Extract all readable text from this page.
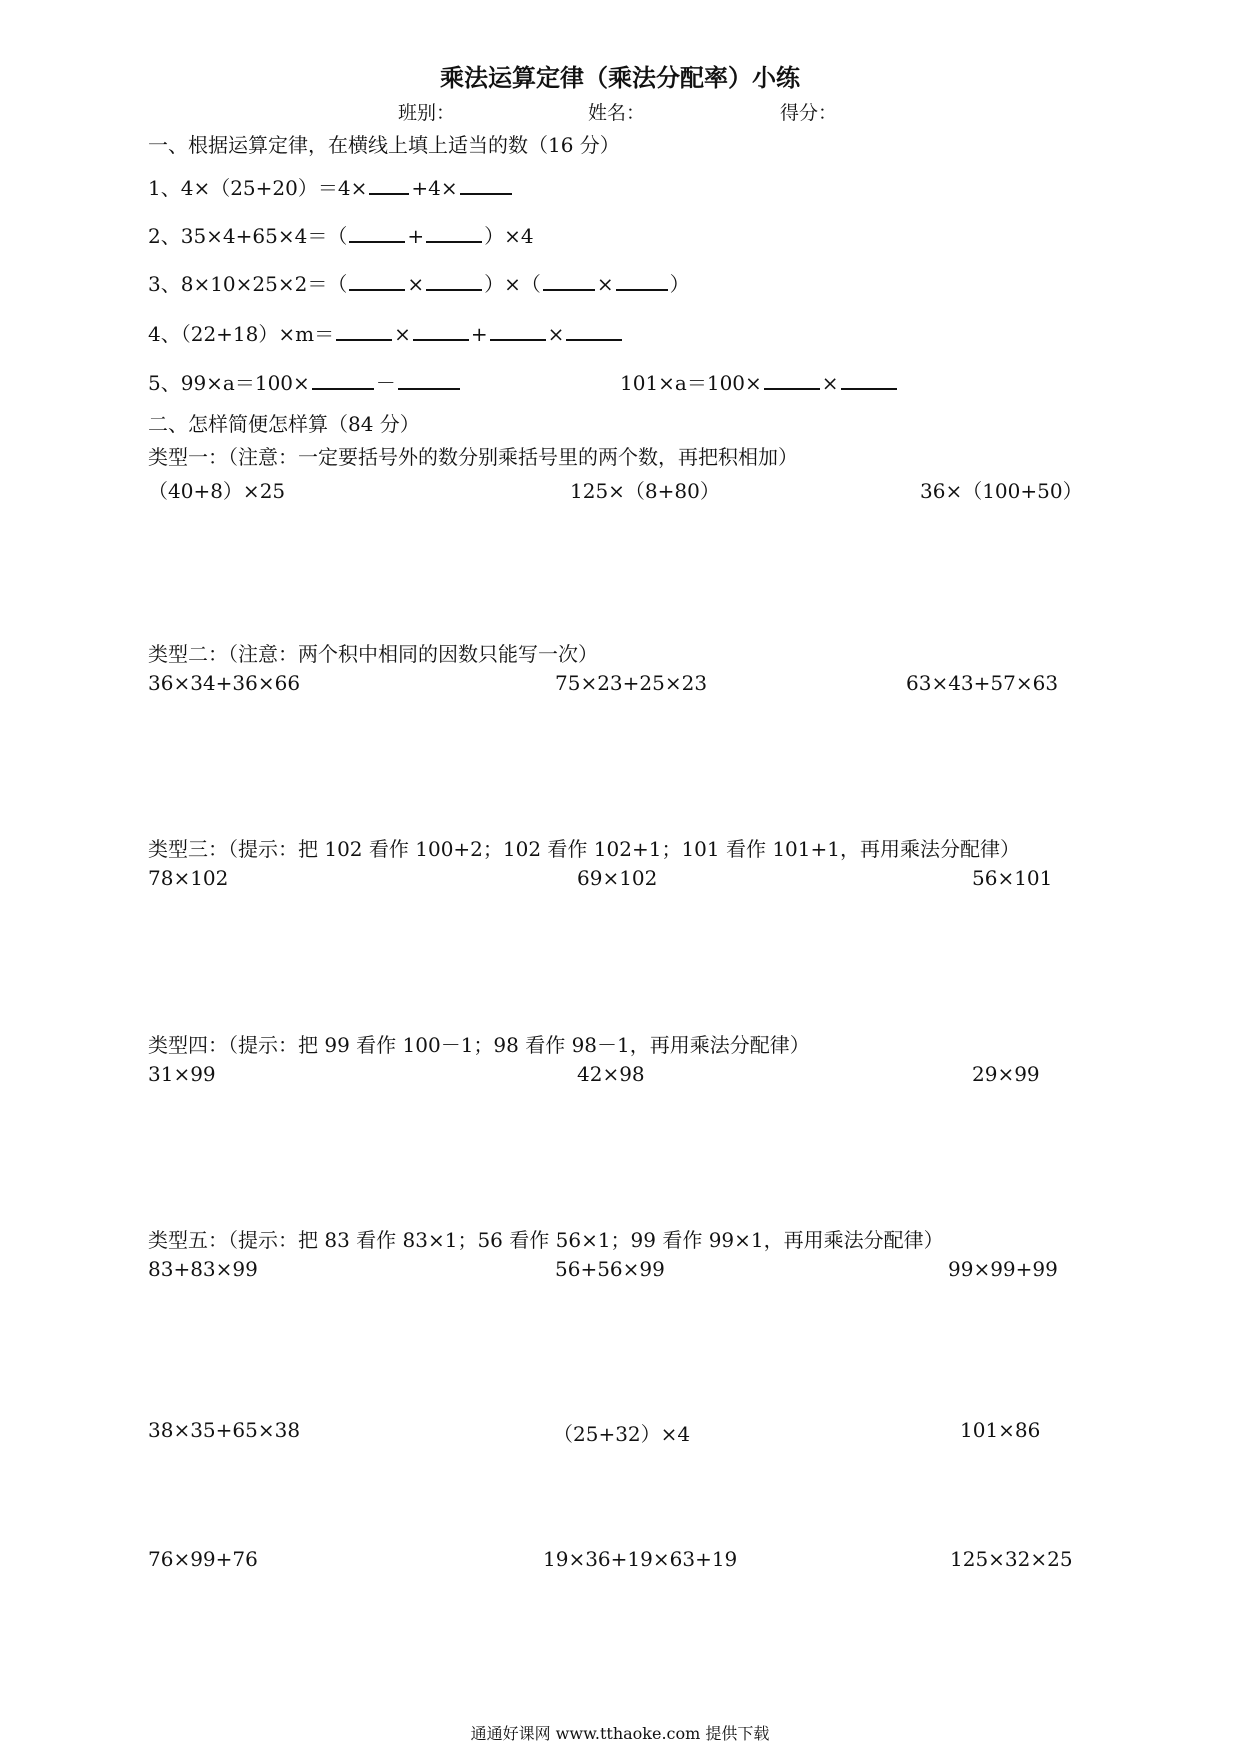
乘法运算定律（乘法分配率）小练
班别：	姓名：	得分：
一、根据运算定律，在横线上填上适当的数（16 分）
1、4×（25+20）＝4× +4×
2、35×4+65×4＝（	+	）×4
3、8×10×25×2＝（	×	）×（	×	）
4、（22+18）×m＝	×	+	×
5、99×a＝100×	－	101×a＝100×	×
二、怎样简便怎样算（84 分）
类型一：（注意：一定要括号外的数分别乘括号里的两个数，再把积相加）
（40+8）×25	125×（8+80）	36×（100+50）
类型二：（注意：两个积中相同的因数只能写一次）
36×34+36×66	75×23+25×23	63×43+57×63
类型三：（提示：把 102 看作 100+2；102 看作 102+1；101 看作 101+1，再用乘法分配律）
78×102	69×102	56×101
类型四：（提示：把 99 看作 100－1；98 看作 98－1，再用乘法分配律）
31×99	42×98	29×99
类型五：（提示：把 83 看作 83×1；56 看作 56×1；99 看作 99×1，再用乘法分配律）
83+83×99	56+56×99	99×99+99
38×35+65×38	（25+32）×4	101×86
76×99+76	19×36+19×63+19	125×32×25
通通好课网 www.tthaoke.com 提供下载
